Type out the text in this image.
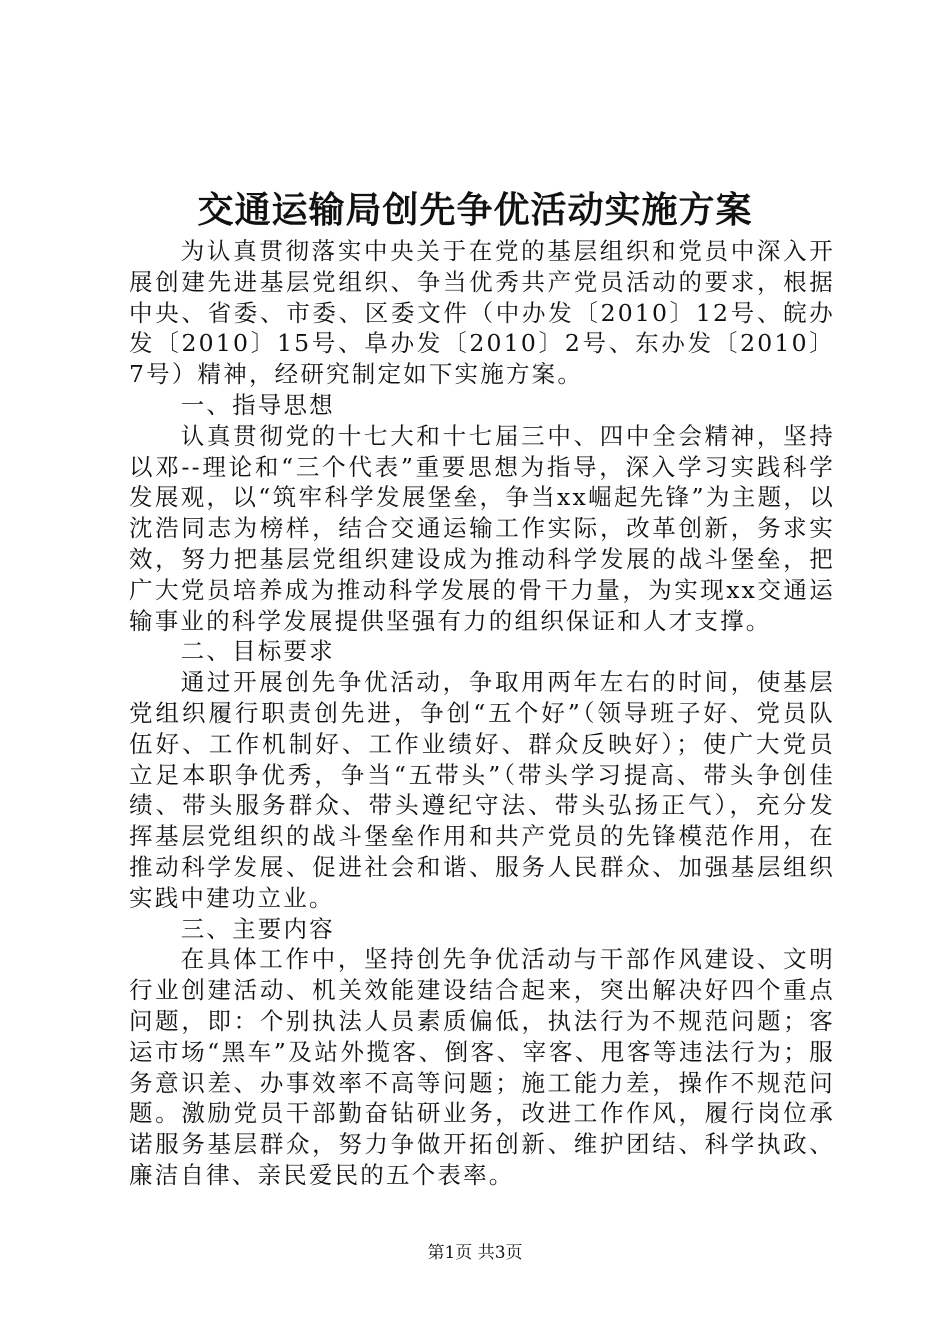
交通运输局创先争优活动实施方案

为认真贯彻落实中央关于在党的基层组织和党员中深入开展创建先进基层党组织、争当优秀共产党员活动的要求，根据中央、省委、市委、区委文件（中办发〔2010〕12号、皖办发〔2010〕15号、阜办发〔2010〕2号、东办发〔2010〕7号）精神，经研究制定如下实施方案。

一、指导思想

认真贯彻党的十七大和十七届三中、四中全会精神，坚持以邓--理论和“三个代表”重要思想为指导，深入学习实践科学发展观，以“筑牢科学发展堡垒，争当xx崛起先锋”为主题，以沈浩同志为榜样，结合交通运输工作实际，改革创新，务求实效，努力把基层党组织建设成为推动科学发展的战斗堡垒，把广大党员培养成为推动科学发展的骨干力量，为实现xx交通运输事业的科学发展提供坚强有力的组织保证和人才支撑。

二、目标要求

通过开展创先争优活动，争取用两年左右的时间，使基层党组织履行职责创先进，争创“五个好”（领导班子好、党员队伍好、工作机制好、工作业绩好、群众反映好）；使广大党员立足本职争优秀，争当“五带头”（带头学习提高、带头争创佳绩、带头服务群众、带头遵纪守法、带头弘扬正气），充分发挥基层党组织的战斗堡垒作用和共产党员的先锋模范作用，在推动科学发展、促进社会和谐、服务人民群众、加强基层组织实践中建功立业。

三、主要内容

在具体工作中，坚持创先争优活动与干部作风建设、文明行业创建活动、机关效能建设结合起来，突出解决好四个重点问题，即：个别执法人员素质偏低，执法行为不规范问题；客运市场“黑车”及站外揽客、倒客、宰客、甩客等违法行为；服务意识差、办事效率不高等问题；施工能力差，操作不规范问题。激励党员干部勤奋钻研业务，改进工作作风，履行岗位承诺服务基层群众，努力争做开拓创新、维护团结、科学执政、廉洁自律、亲民爱民的五个表率。

第1页 共3页
